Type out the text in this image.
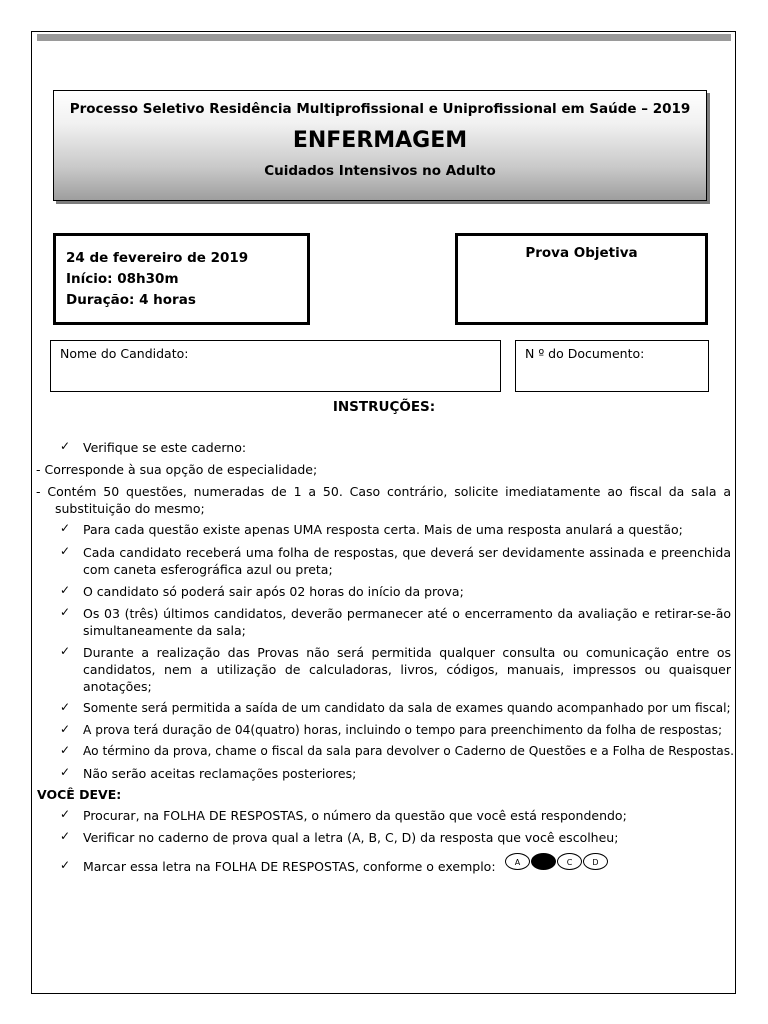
Processo Seletivo Residência Multiprofissional e Uniprofissional em Saúde – 2019
ENFERMAGEM
Cuidados Intensivos no Adulto
24 de fevereiro de 2019
Início: 08h30m
Duração: 4 horas
Prova Objetiva
Nome do Candidato:	N º do Documento:
INSTRUÇÕES:
✓ Verifique se este caderno:
- Corresponde à sua opção de especialidade;
- Contém 50 questões, numeradas de 1 a 50. Caso contrário, solicite imediatamente ao fiscal da sala a
substituição do mesmo;
✓ Para cada questão existe apenas UMA resposta certa. Mais de uma resposta anulará a questão;
✓ Cada candidato receberá uma folha de respostas, que deverá ser devidamente assinada e preenchida com caneta esferográfica azul ou preta;
✓ O candidato só poderá sair após 02 horas do início da prova;
✓ Os 03 (três) últimos candidatos, deverão permanecer até o encerramento da avaliação e retirar-se-ão simultaneamente da sala;
✓ Durante a realização das Provas não será permitida qualquer consulta ou comunicação entre os candidatos, nem a utilização de calculadoras, livros, códigos, manuais, impressos ou quaisquer anotações;
✓ Somente será permitida a saída de um candidato da sala de exames quando acompanhado por um fiscal;
✓ A prova terá duração de 04(quatro) horas, incluindo o tempo para preenchimento da folha de respostas;
✓ Ao término da prova, chame o fiscal da sala para devolver o Caderno de Questões e a Folha de Respostas.
✓ Não serão aceitas reclamações posteriores;
VOCÊ DEVE:
✓ Procurar, na FOLHA DE RESPOSTAS, o número da questão que você está respondendo;
✓ Verificar no caderno de prova qual a letra (A, B, C, D) da resposta que você escolheu;
✓ Marcar essa letra na FOLHA DE RESPOSTAS, conforme o exemplo:	A	C	D
